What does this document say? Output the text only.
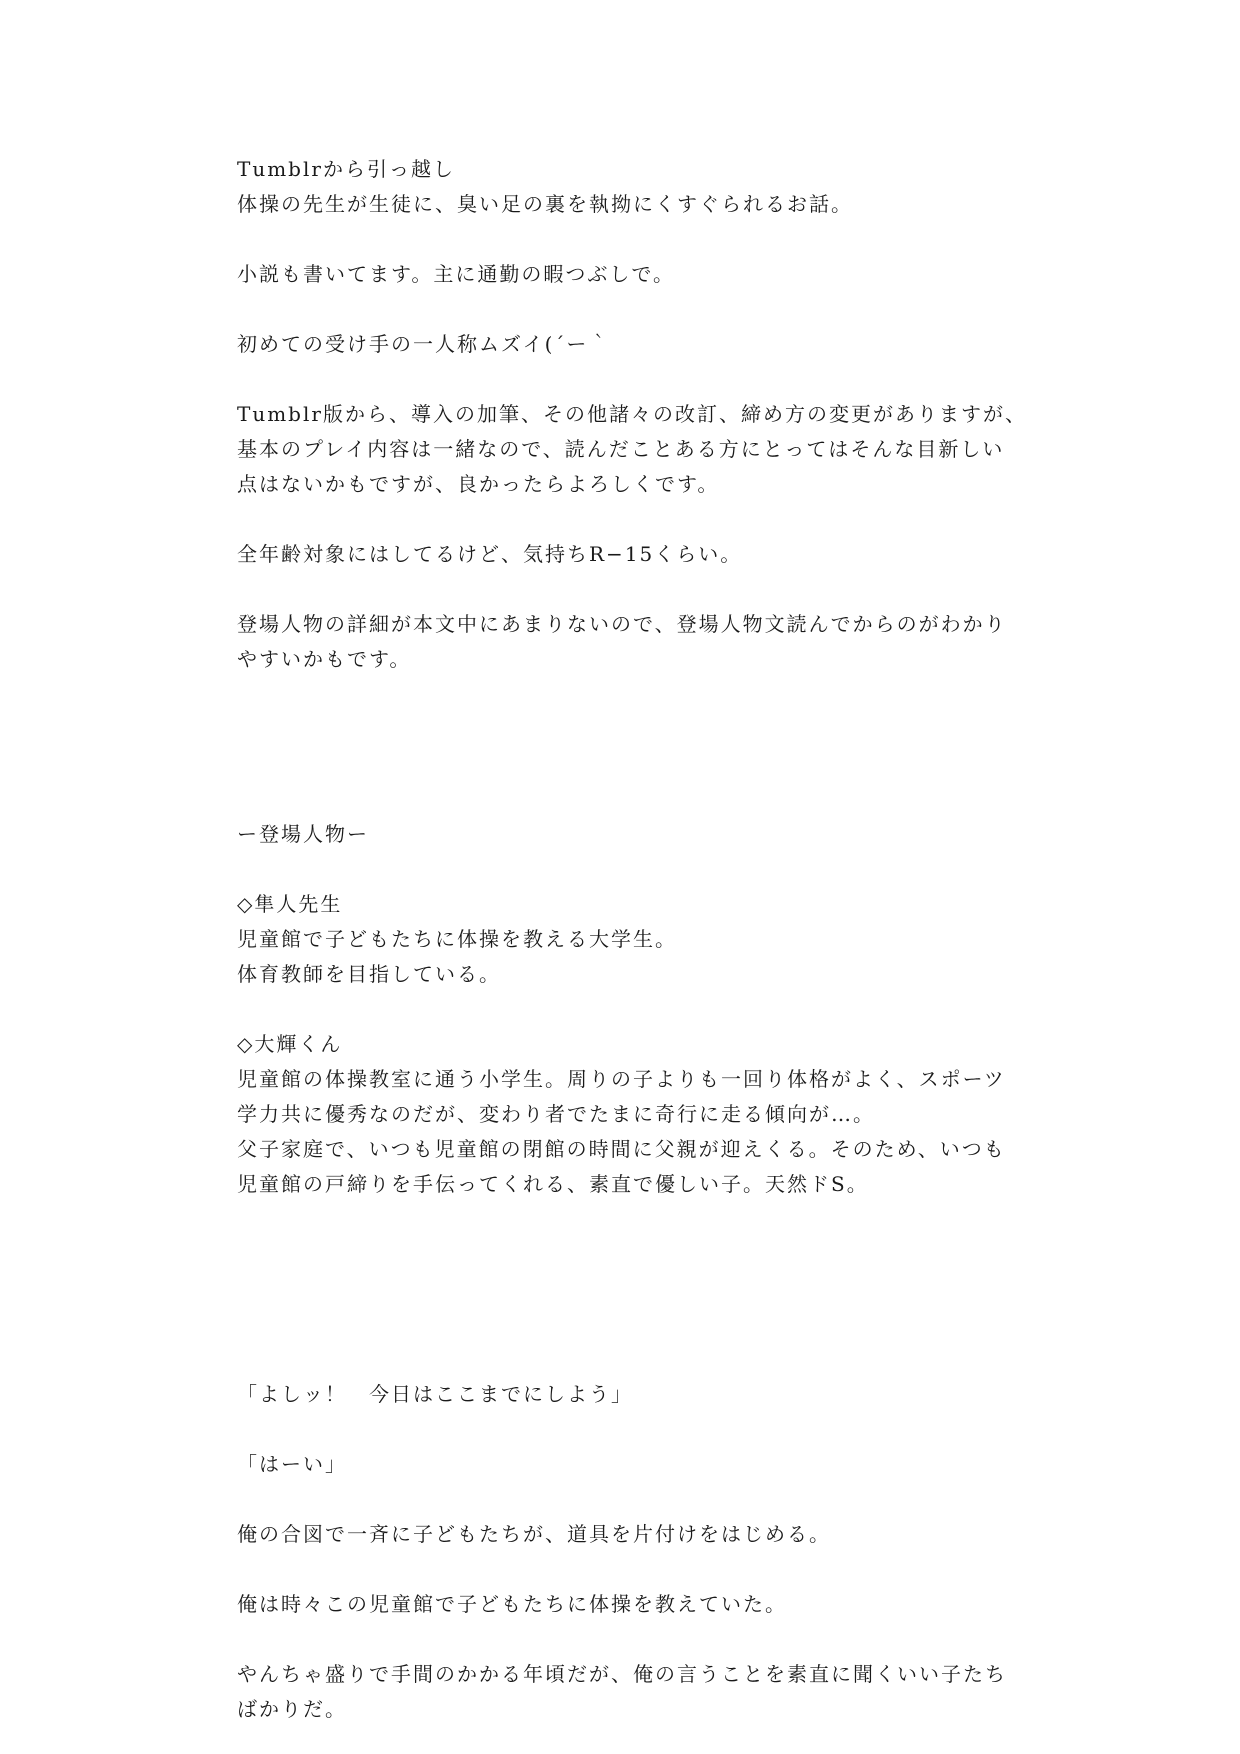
Tumblrから引っ越し
体操の先生が生徒に、臭い足の裏を執拗にくすぐられるお話。
小説も書いてます。主に通勤の暇つぶしで。
初めての受け手の一人称ムズイ(´ー｀
Tumblr版から、導入の加筆、その他諸々の改訂、締め方の変更がありますが、
基本のプレイ内容は一緒なので、読んだことある方にとってはそんな目新しい
点はないかもですが、良かったらよろしくです。
全年齢対象にはしてるけど、気持ちR−15くらい。
登場人物の詳細が本文中にあまりないので、登場人物文読んでからのがわかり
やすいかもです。
ー登場人物ー
◇隼人先生
児童館で子どもたちに体操を教える大学生。
体育教師を目指している。
◇大輝くん
児童館の体操教室に通う小学生。周りの子よりも一回り体格がよく、スポーツ
学力共に優秀なのだが、変わり者でたまに奇行に走る傾向が…。
父子家庭で、いつも児童館の閉館の時間に父親が迎えくる。そのため、いつも
児童館の戸締りを手伝ってくれる、素直で優しい子。天然ドS。
「よしッ！　今日はここまでにしよう」
「はーい」
俺の合図で一斉に子どもたちが、道具を片付けをはじめる。
俺は時々この児童館で子どもたちに体操を教えていた。
やんちゃ盛りで手間のかかる年頃だが、俺の言うことを素直に聞くいい子たち
ばかりだ。
